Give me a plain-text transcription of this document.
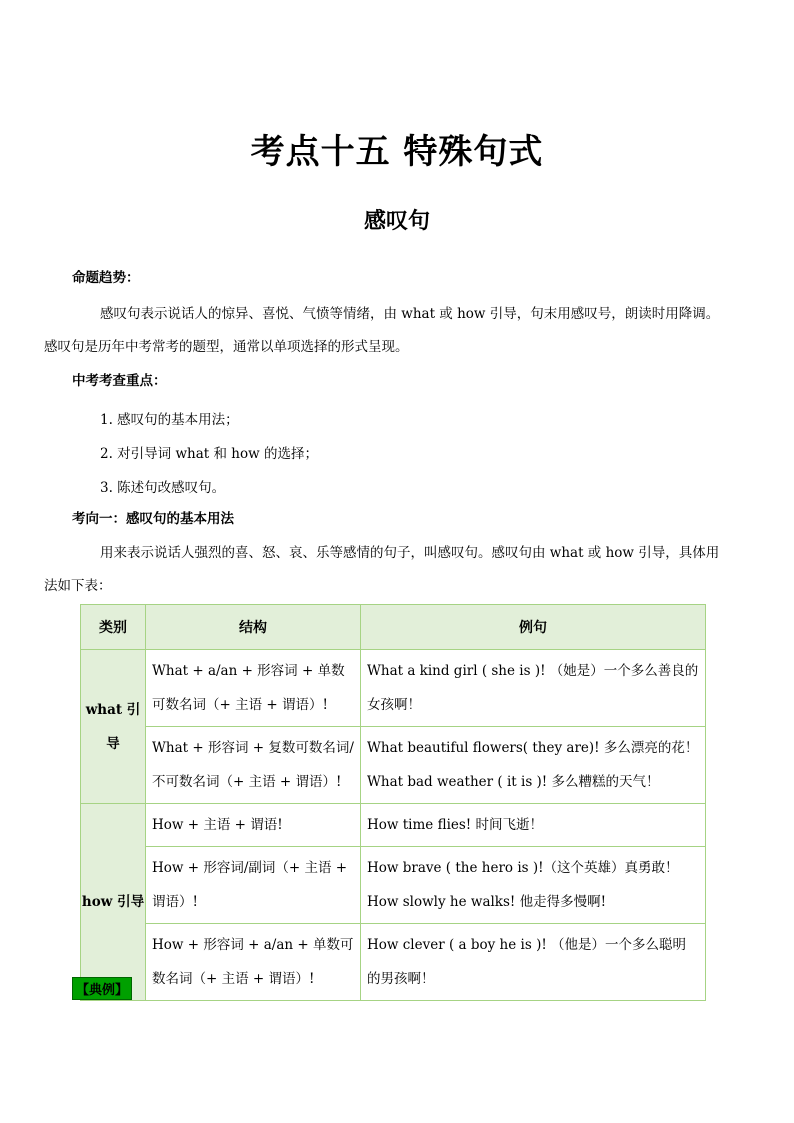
考点十五 特殊句式
感叹句
命题趋势：
感叹句表示说话人的惊异、喜悦、气愤等情绪，由 what 或 how 引导，句末用感叹号，朗读时用降调。
感叹句是历年中考常考的题型，通常以单项选择的形式呈现。
中考考查重点：
1. 感叹句的基本用法；
2. 对引导词 what 和 how 的选择；
3. 陈述句改感叹句。
考向一：感叹句的基本用法
用来表示说话人强烈的喜、怒、哀、乐等感情的句子，叫感叹句。感叹句由 what 或 how 引导，具体用
法如下表：
类别	结构	例句
what 引导	What + a/an + 形容词 + 单数可数名词（+ 主语 + 谓语）!	What a kind girl ( she is )! （她是）一个多么善良的女孩啊！
	What + 形容词 + 复数可数名词/不可数名词（+ 主语 + 谓语）!	What beautiful flowers( they are)! 多么漂亮的花！
What bad weather ( it is )! 多么糟糕的天气！

how 引导	How + 主语 + 谓语!	How time flies! 时间飞逝！
	How + 形容词/副词（+ 主语 + 谓语）!	How brave ( the hero is )!（这个英雄）真勇敢！
How slowly he walks! 他走得多慢啊!

	How + 形容词 + a/an + 单数可数名词（+ 主语 + 谓语）!	How clever ( a boy he is )! （他是）一个多么聪明的男孩啊！
【典例】
